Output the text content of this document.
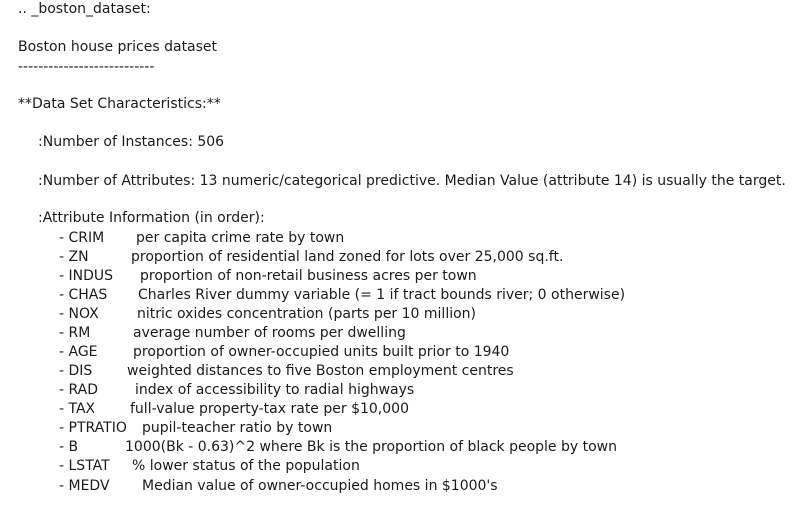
.. _boston_dataset:
Boston house prices dataset
---------------------------
**Data Set Characteristics:**
:Number of Instances: 506
:Number of Attributes: 13 numeric/categorical predictive. Median Value (attribute 14) is usually the target.
:Attribute Information (in order):
- CRIM per capita crime rate by town
- ZN	proportion of residential land zoned for lots over 25,000 sq.ft.
- INDUS proportion of non-retail business acres per town
- CHAS Charles River dummy variable (= 1 if tract bounds river; 0 otherwise)
- NOX	nitric oxides concentration (parts per 10 million)
- RM	average number of rooms per dwelling
- AGE	proportion of owner-occupied units built prior to 1940
- DIS weighted distances to five Boston employment centres
- RAD	index of accessibility to radial highways
- TAX full-value property-tax rate per $10,000
- PTRATIO pupil-teacher ratio by town
- B	1000(Bk - 0.63)^2 where Bk is the proportion of black people by town
- LSTAT % lower status of the population
- MEDV Median value of owner-occupied homes in $1000's
